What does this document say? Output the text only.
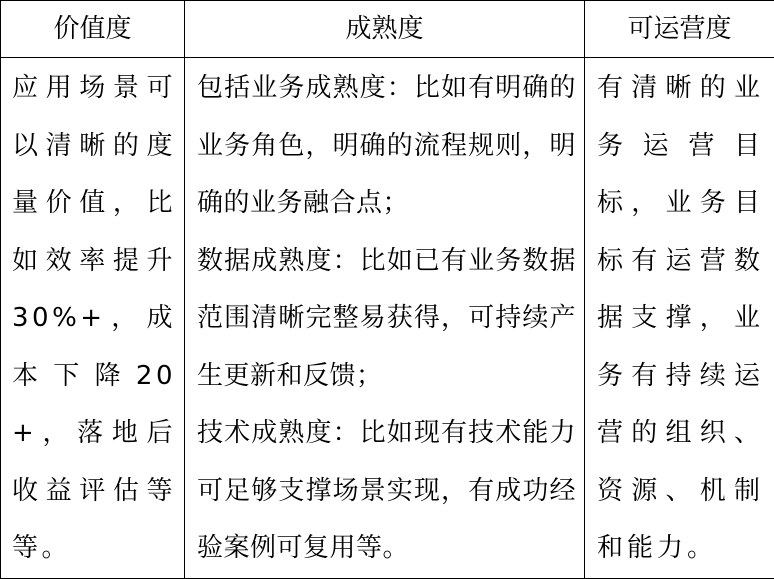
价值度	成熟度	可运营度

应用场景可以清晰的度量价值，比如效率提升30%+，成本下降20+，落地后收益评估等等。	包括业务成熟度：比如有明确的业务角色，明确的流程规则，明确的业务融合点；
数据成熟度：比如已有业务数据范围清晰完整易获得，可持续产生更新和反馈；
技术成熟度：比如现有技术能力可足够支撑场景实现，有成功经验案例可复用等。	有清晰的业务运营目标，业务目标有运营数据支撑，业务有持续运营的组织、资源、机制和能力。
